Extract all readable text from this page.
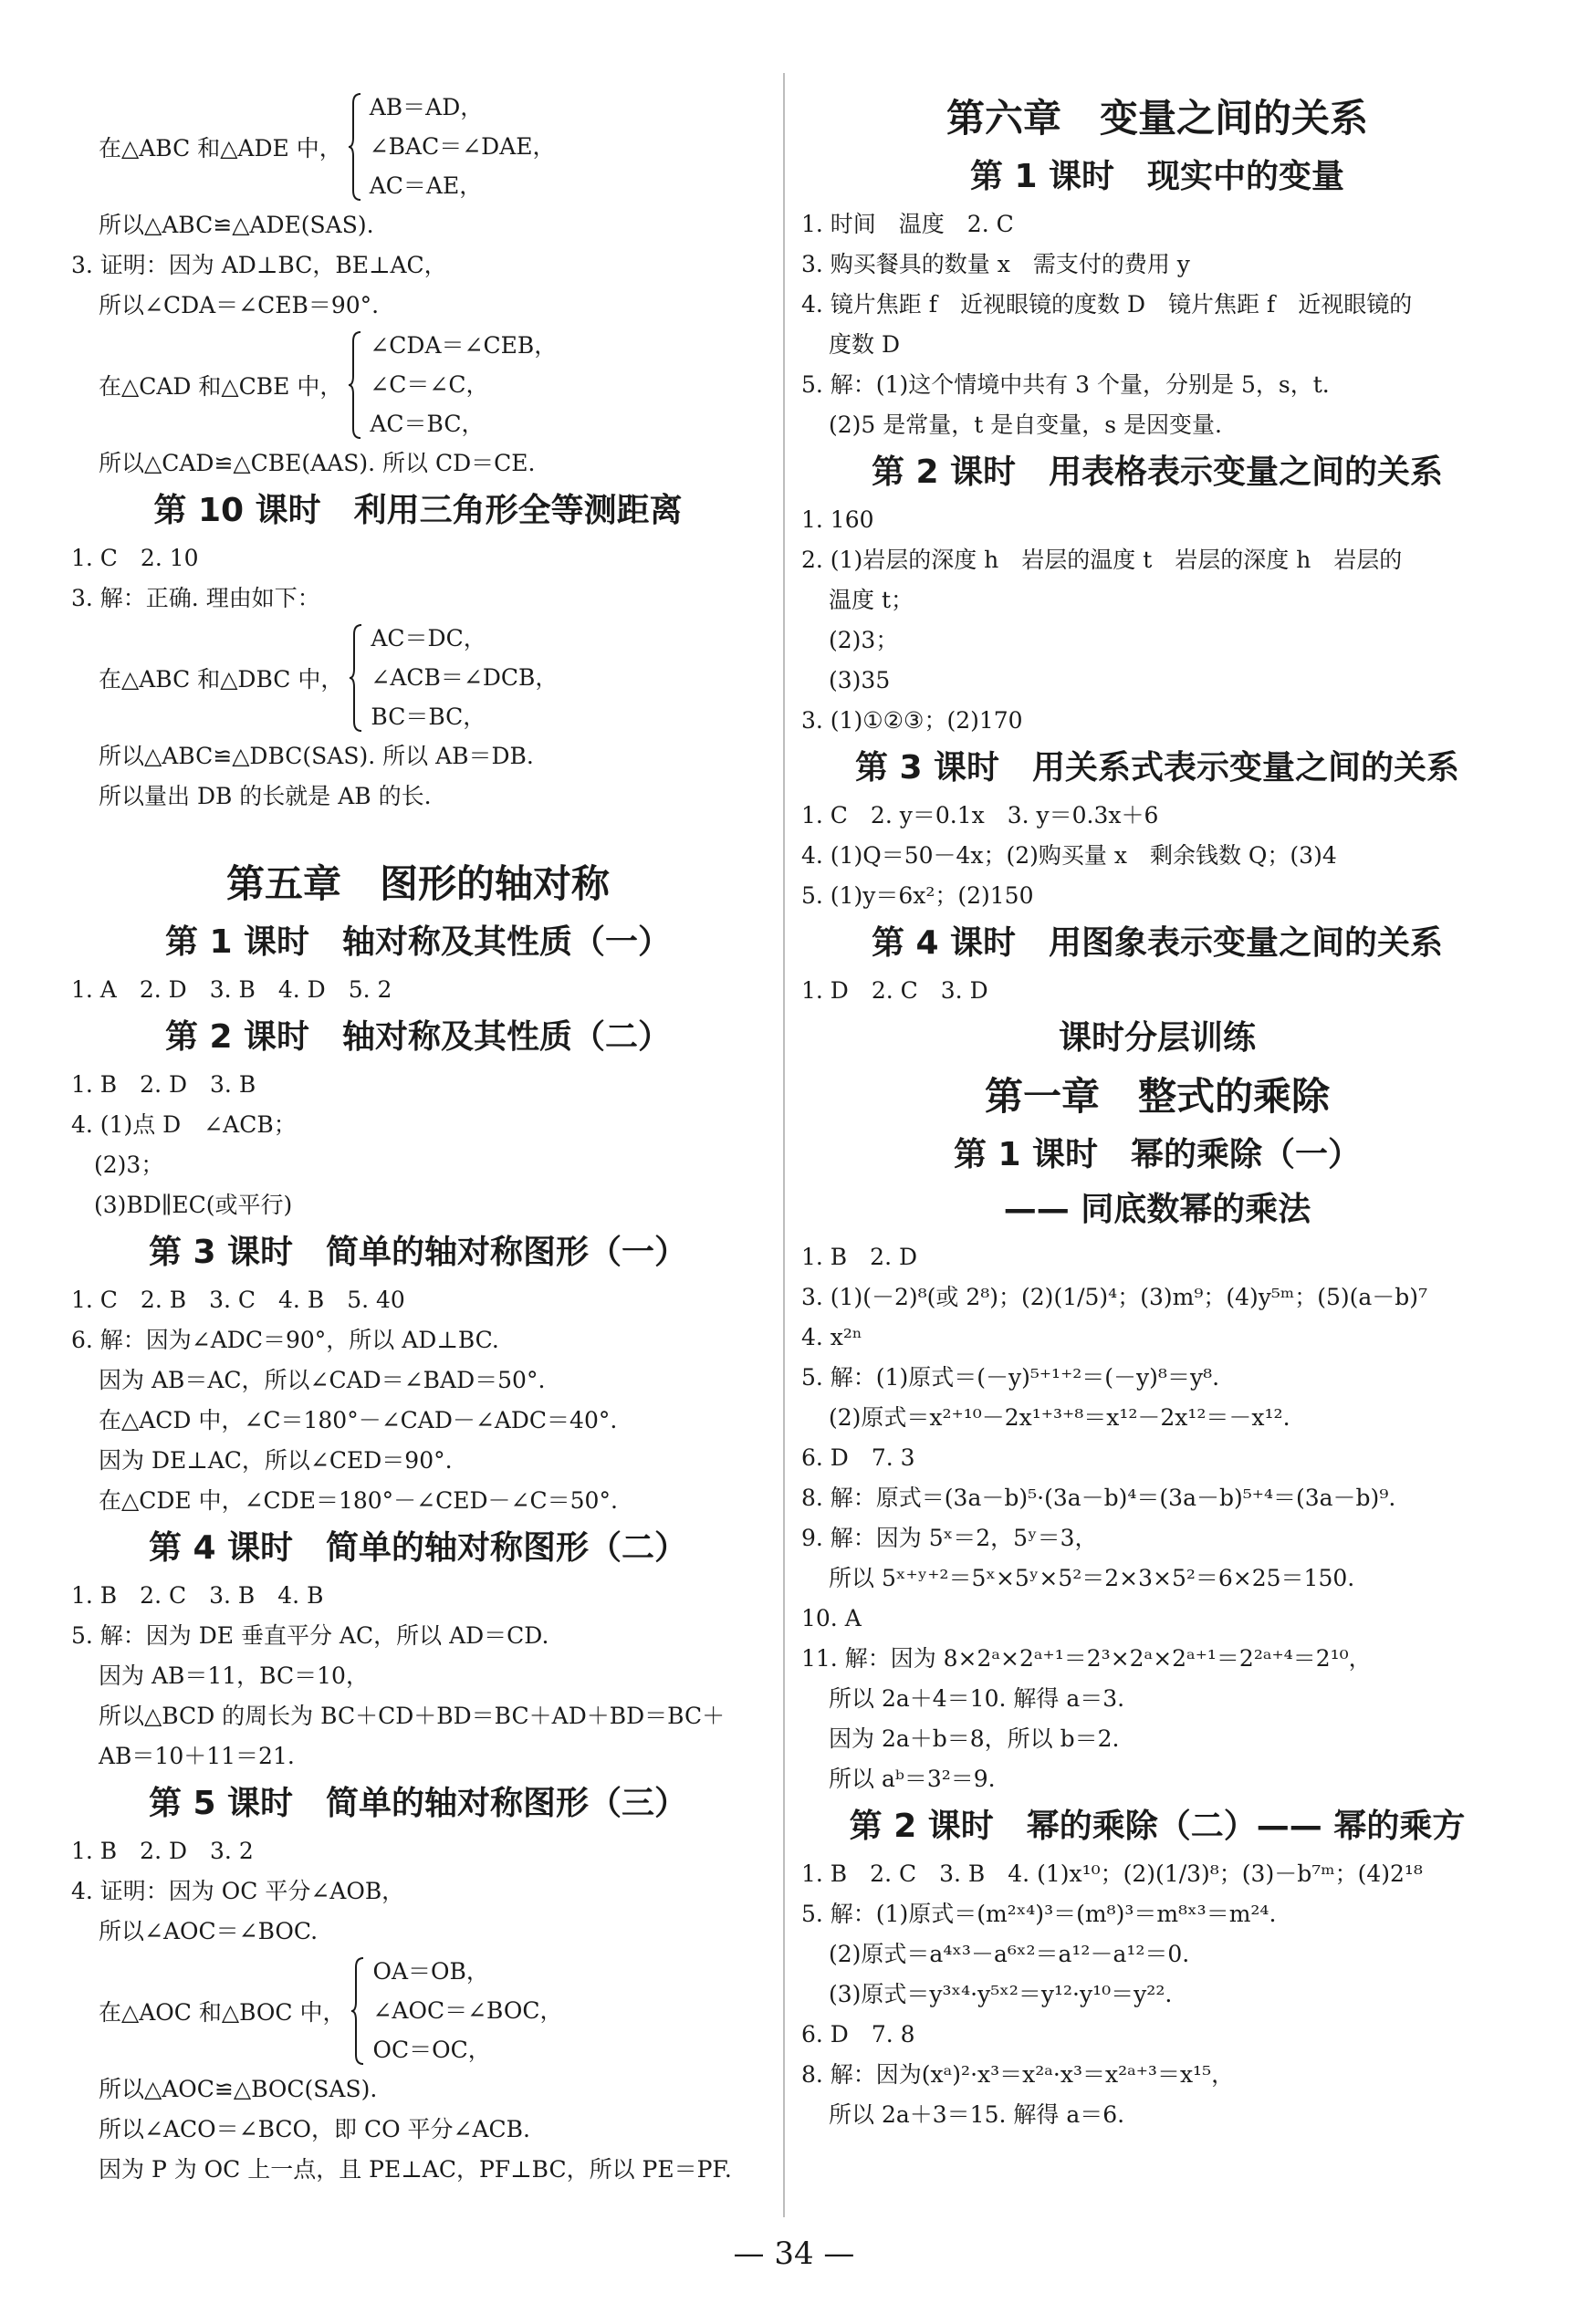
在△ABC 和△ADE 中，
AB＝AD，
∠BAC＝∠DAE，
AC＝AE，
所以△ABC≌△ADE(SAS).
3. 证明：因为 AD⊥BC，BE⊥AC，
所以∠CDA＝∠CEB＝90°.
在△CAD 和△CBE 中，
∠CDA＝∠CEB，
∠C＝∠C，
AC＝BC，
所以△CAD≌△CBE(AAS). 所以 CD＝CE.
第 10 课时　利用三角形全等测距离
1. C　2. 10
3. 解：正确. 理由如下：
在△ABC 和△DBC 中，
AC＝DC，
∠ACB＝∠DCB，
BC＝BC，
所以△ABC≌△DBC(SAS). 所以 AB＝DB.
所以量出 DB 的长就是 AB 的长.
第五章　图形的轴对称
第 1 课时　轴对称及其性质（一）
1. A　2. D　3. B　4. D　5. 2
第 2 课时　轴对称及其性质（二）
1. B　2. D　3. B
4. (1)点 D　∠ACB；
　(2)3；
　(3)BD∥EC(或平行)
第 3 课时　简单的轴对称图形（一）
1. C　2. B　3. C　4. B　5. 40
6. 解：因为∠ADC＝90°，所以 AD⊥BC.
因为 AB＝AC，所以∠CAD＝∠BAD＝50°.
在△ACD 中，∠C＝180°－∠CAD－∠ADC＝40°.
因为 DE⊥AC，所以∠CED＝90°.
在△CDE 中，∠CDE＝180°－∠CED－∠C＝50°.
第 4 课时　简单的轴对称图形（二）
1. B　2. C　3. B　4. B
5. 解：因为 DE 垂直平分 AC，所以 AD＝CD.
因为 AB＝11，BC＝10，
所以△BCD 的周长为 BC＋CD＋BD＝BC＋AD＋BD＝BC＋
AB＝10＋11＝21.
第 5 课时　简单的轴对称图形（三）
1. B　2. D　3. 2
4. 证明：因为 OC 平分∠AOB，
所以∠AOC＝∠BOC.
在△AOC 和△BOC 中，
OA＝OB，
∠AOC＝∠BOC，
OC＝OC，
所以△AOC≌△BOC(SAS).
所以∠ACO＝∠BCO，即 CO 平分∠ACB.
因为 P 为 OC 上一点，且 PE⊥AC，PF⊥BC，所以 PE＝PF.
第六章　变量之间的关系
第 1 课时　现实中的变量
1. 时间　温度　2. C
3. 购买餐具的数量 x　需支付的费用 y
4. 镜片焦距 f　近视眼镜的度数 D　镜片焦距 f　近视眼镜的
度数 D
5. 解：(1)这个情境中共有 3 个量，分别是 5，s，t.
(2)5 是常量，t 是自变量，s 是因变量.
第 2 课时　用表格表示变量之间的关系
1. 160
2. (1)岩层的深度 h　岩层的温度 t　岩层的深度 h　岩层的
温度 t；
(2)3；
(3)35
3. (1)①②③；(2)170
第 3 课时　用关系式表示变量之间的关系
1. C　2. y＝0.1x　3. y＝0.3x＋6
4. (1)Q＝50－4x；(2)购买量 x　剩余钱数 Q；(3)4
5. (1)y＝6x²；(2)150
第 4 课时　用图象表示变量之间的关系
1. D　2. C　3. D
课时分层训练
第一章　整式的乘除
第 1 课时　幂的乘除（一）
—— 同底数幂的乘法
1. B　2. D
3. (1)(－2)⁸(或 2⁸)；(2)(1/5)⁴；(3)m⁹；(4)y⁵ᵐ；(5)(a－b)⁷
4. x²ⁿ
5. 解：(1)原式＝(－y)⁵⁺¹⁺²＝(－y)⁸＝y⁸.
(2)原式＝x²⁺¹⁰－2x¹⁺³⁺⁸＝x¹²－2x¹²＝－x¹².
6. D　7. 3
8. 解：原式＝(3a－b)⁵·(3a－b)⁴＝(3a－b)⁵⁺⁴＝(3a－b)⁹.
9. 解：因为 5ˣ＝2，5ʸ＝3，
所以 5ˣ⁺ʸ⁺²＝5ˣ×5ʸ×5²＝2×3×5²＝6×25＝150.
10. A
11. 解：因为 8×2ᵃ×2ᵃ⁺¹＝2³×2ᵃ×2ᵃ⁺¹＝2²ᵃ⁺⁴＝2¹⁰，
所以 2a＋4＝10. 解得 a＝3.
因为 2a＋b＝8，所以 b＝2.
所以 aᵇ＝3²＝9.
第 2 课时　幂的乘除（二）—— 幂的乘方
1. B　2. C　3. B　4. (1)x¹⁰；(2)(1/3)⁸；(3)－b⁷ᵐ；(4)2¹⁸
5. 解：(1)原式＝(m²ˣ⁴)³＝(m⁸)³＝m⁸ˣ³＝m²⁴.
(2)原式＝a⁴ˣ³－a⁶ˣ²＝a¹²－a¹²＝0.
(3)原式＝y³ˣ⁴·y⁵ˣ²＝y¹²·y¹⁰＝y²².
6. D　7. 8
8. 解：因为(xᵃ)²·x³＝x²ᵃ·x³＝x²ᵃ⁺³＝x¹⁵，
所以 2a＋3＝15. 解得 a＝6.
— 34 —
